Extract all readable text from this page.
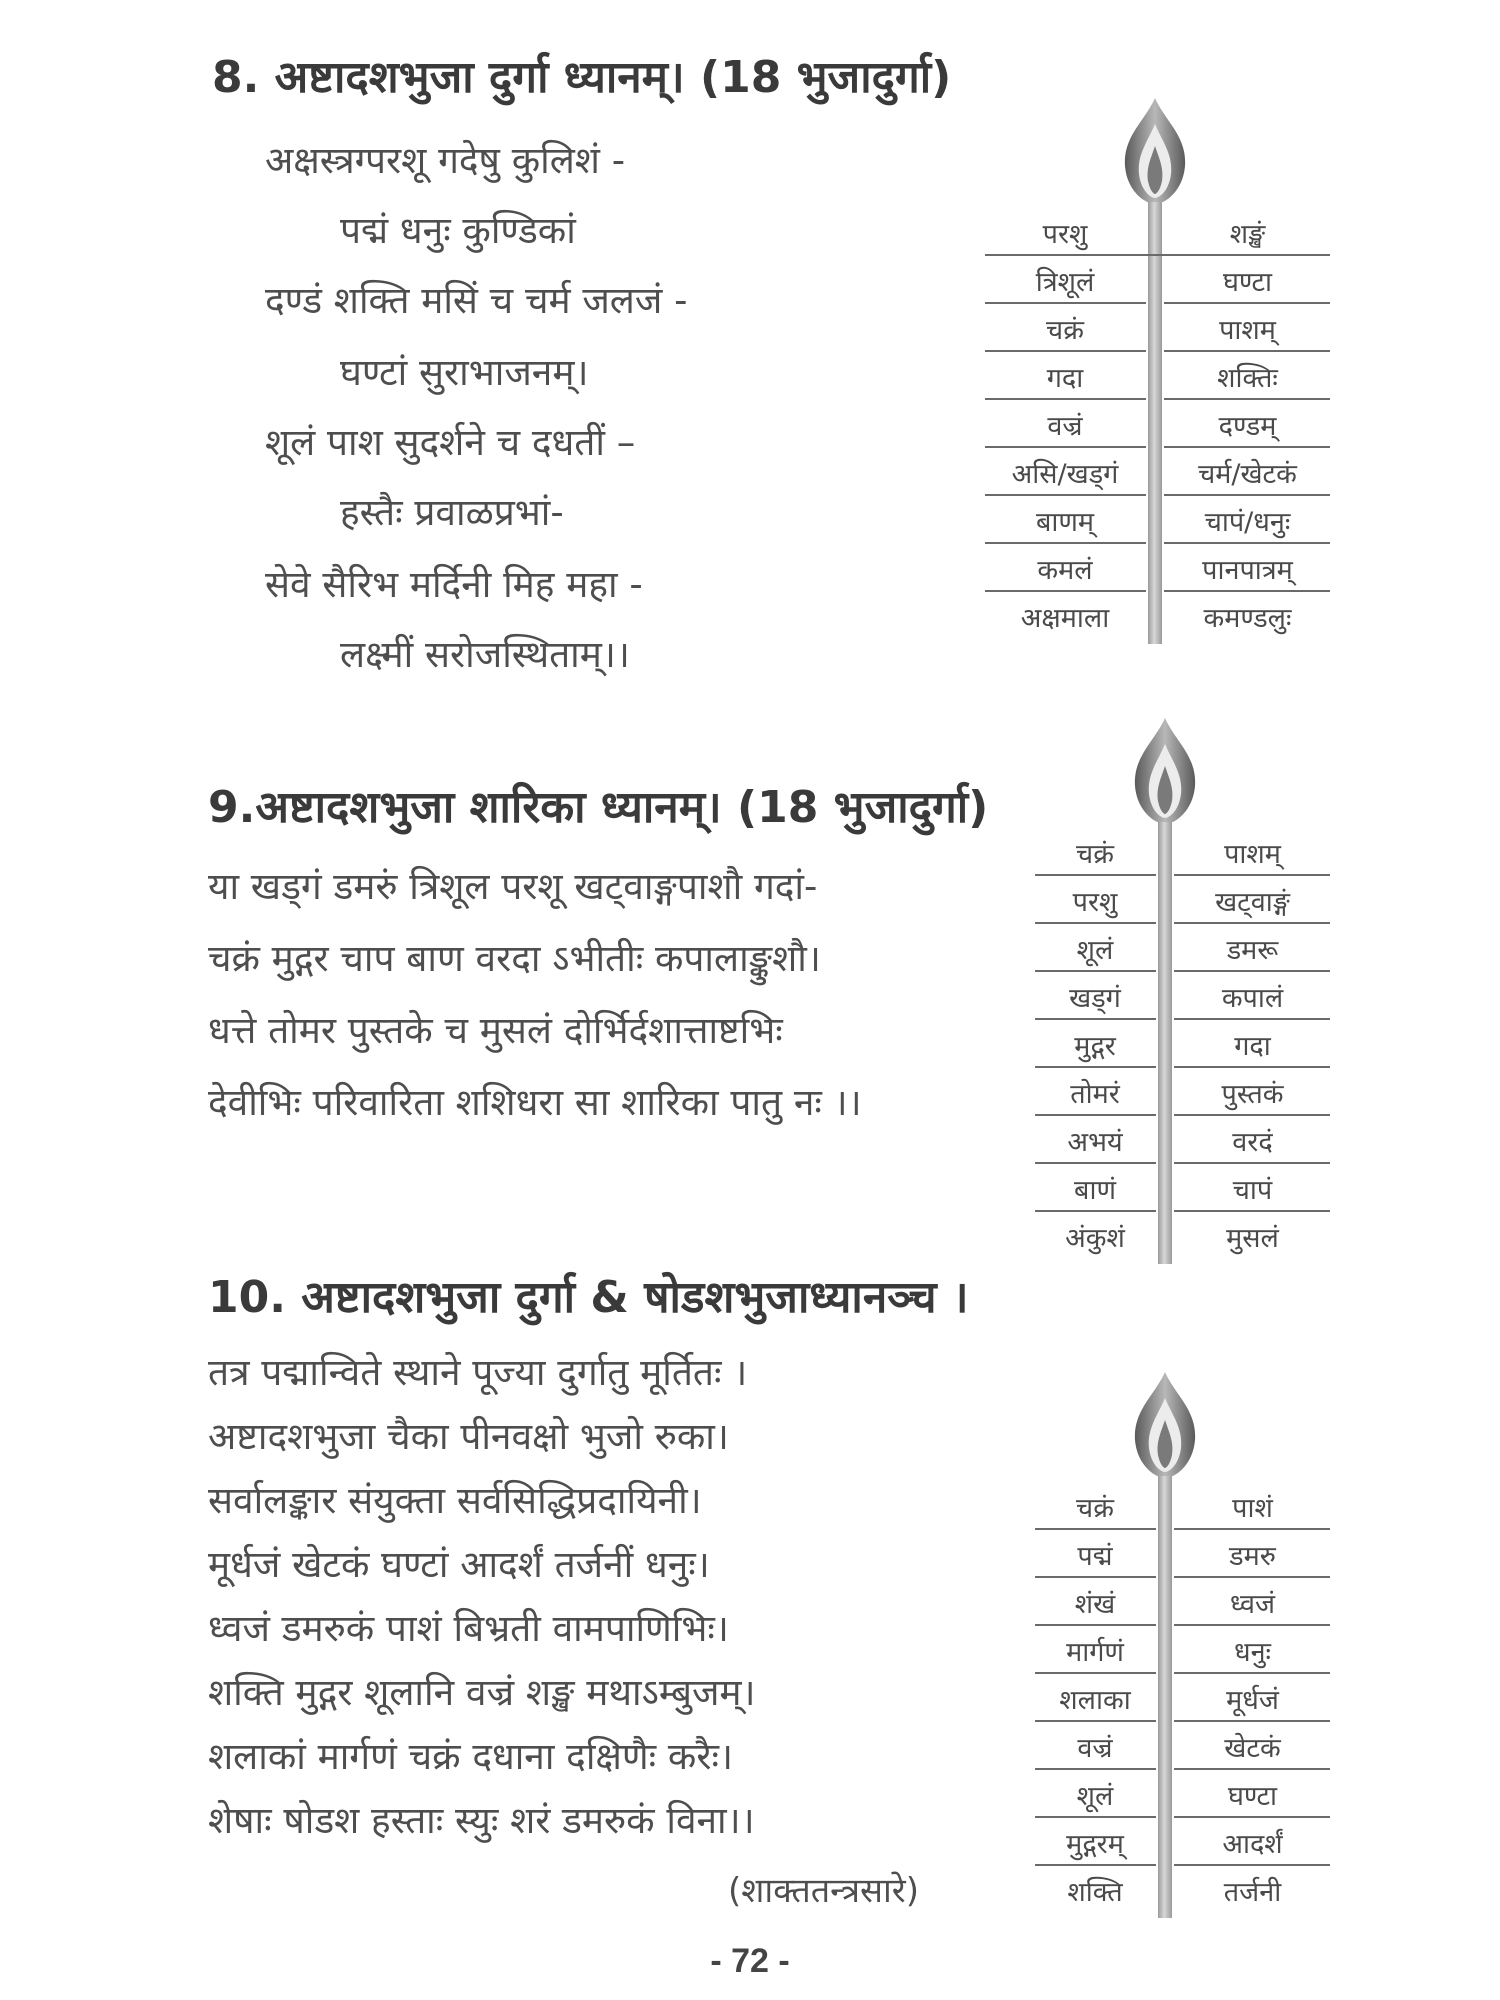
8. अष्टादशभुजा दुर्गा ध्यानम्। (18 भुजादुर्गा)
अक्षस्त्रग्परशू गदेषु कुलिशं -
पद्मं धनुः कुण्डिकां
दण्डं शक्ति मसिं च चर्म जलजं -
घण्टां सुराभाजनम्।
शूलं पाश सुदर्शने च दधतीं –
हस्तैः प्रवाळप्रभां-
सेवे सैरिभ मर्दिनी मिह महा -
लक्ष्मीं सरोजस्थिताम्।।
परशु	शङ्खं
त्रिशूलं	घण्टा
चक्रं	पाशम्
गदा	शक्तिः
वज्रं	दण्डम्
असि/खड्गं	चर्म/खेटकं
बाणम्	चापं/धनुः
कमलं	पानपात्रम्
अक्षमाला	कमण्डलुः
9.अष्टादशभुजा शारिका ध्यानम्। (18 भुजादुर्गा)
या खड्गं डमरुं त्रिशूल परशू खट्वाङ्गपाशौ गदां-
चक्रं मुद्गर चाप बाण वरदा ऽभीतीः कपालाङ्कुशौ।
धत्ते तोमर पुस्तके च मुसलं दोर्भिर्दशात्ताष्टभिः
देवीभिः परिवारिता शशिधरा सा शारिका पातु नः ।।
चक्रं	पाशम्
परशु	खट्वाङ्गं
शूलं	डमरू
खड्गं	कपालं
मुद्गर	गदा
तोमरं	पुस्तकं
अभयं	वरदं
बाणं	चापं
अंकुशं	मुसलं
10. अष्टादशभुजा दुर्गा & षोडशभुजाध्यानञ्च ।
तत्र पद्मान्विते स्थाने पूज्या दुर्गातु मूर्तितः ।
अष्टादशभुजा चैका पीनवक्षो भुजो रुका।
सर्वालङ्कार संयुक्ता सर्वसिद्धिप्रदायिनी।
मूर्धजं खेटकं घण्टां आदर्शं तर्जनीं धनुः।
ध्वजं डमरुकं पाशं बिभ्रती वामपाणिभिः।
शक्ति मुद्गर शूलानि वज्रं शङ्ख मथाऽम्बुजम्।
शलाकां मार्गणं चक्रं दधाना दक्षिणैः करैः।
शेषाः षोडश हस्ताः स्युः शरं डमरुकं विना।।
(शाक्ततन्त्रसारे)
चक्रं	पाशं
पद्मं	डमरु
शंखं	ध्वजं
मार्गणं	धनुः
शलाका	मूर्धजं
वज्रं	खेटकं
शूलं	घण्टा
मुद्गरम्	आदर्शं
शक्ति	तर्जनी
- 72 -
